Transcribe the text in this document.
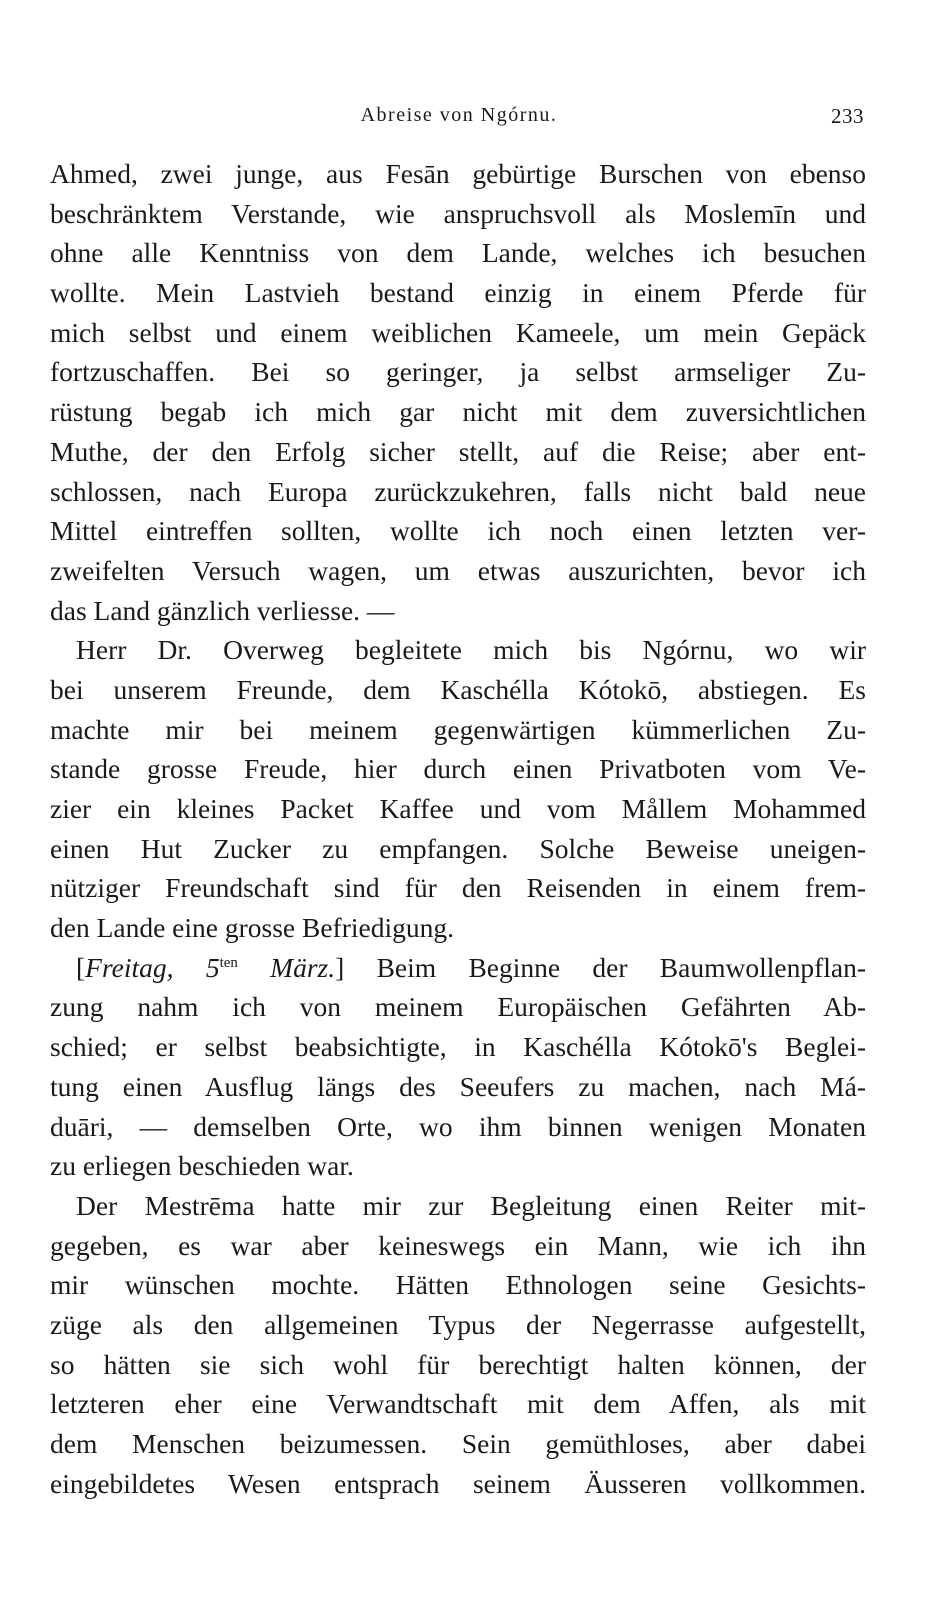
Abreise von Ngórnu.	233
Ahmed, zwei junge, aus Fesān gebürtige Burschen von ebenso
beschränktem Verstande, wie anspruchsvoll als Moslemīn und
ohne alle Kenntniss von dem Lande, welches ich besuchen
wollte. Mein Lastvieh bestand einzig in einem Pferde für
mich selbst und einem weiblichen Kameele, um mein Gepäck
fortzuschaffen. Bei so geringer, ja selbst armseliger Zu-
rüstung begab ich mich gar nicht mit dem zuversichtlichen
Muthe, der den Erfolg sicher stellt, auf die Reise; aber ent-
schlossen, nach Europa zurückzukehren, falls nicht bald neue
Mittel eintreffen sollten, wollte ich noch einen letzten ver-
zweifelten Versuch wagen, um etwas auszurichten, bevor ich
das Land gänzlich verliesse. —
Herr Dr. Overweg begleitete mich bis Ngórnu, wo wir
bei unserem Freunde, dem Kaschélla Kótokō, abstiegen. Es
machte mir bei meinem gegenwärtigen kümmerlichen Zu-
stande grosse Freude, hier durch einen Privatboten vom Ve-
zier ein kleines Packet Kaffee und vom Mållem Mohammed
einen Hut Zucker zu empfangen. Solche Beweise uneigen-
nütziger Freundschaft sind für den Reisenden in einem frem-
den Lande eine grosse Befriedigung.
[Freitag, $5^{ten}$ März.] Beim Beginne der Baumwollenpflan-
zung nahm ich von meinem Europäischen Gefährten Ab-
schied; er selbst beabsichtigte, in Kaschélla Kótokō's Beglei-
tung einen Ausflug längs des Seeufers zu machen, nach Má-
duāri, — demselben Orte, wo ihm binnen wenigen Monaten
zu erliegen beschieden war.
Der Mestrēma hatte mir zur Begleitung einen Reiter mit-
gegeben, es war aber keineswegs ein Mann, wie ich ihn
mir wünschen mochte. Hätten Ethnologen seine Gesichts-
züge als den allgemeinen Typus der Negerrasse aufgestellt,
so hätten sie sich wohl für berechtigt halten können, der
letzteren eher eine Verwandtschaft mit dem Affen, als mit
dem Menschen beizumessen. Sein gemüthloses, aber dabei
eingebildetes Wesen entsprach seinem Äusseren vollkommen.
